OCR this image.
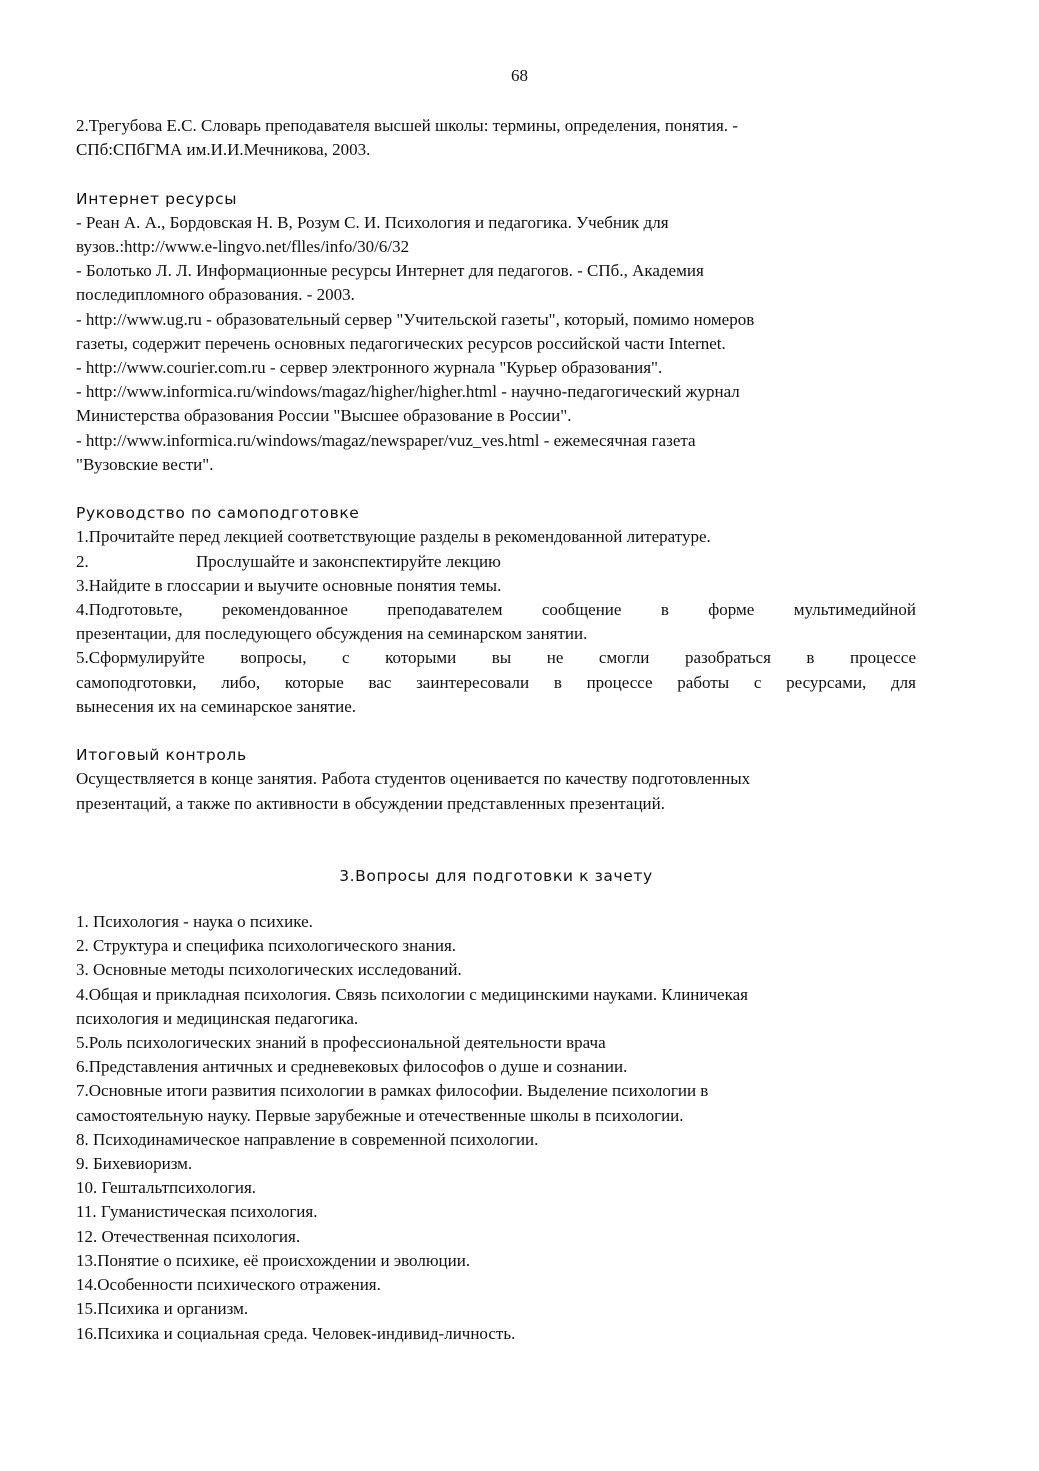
68
2.Трегубова Е.С. Словарь преподавателя высшей школы: термины, определения, понятия. -
СПб:СПбГМА им.И.И.Мечникова, 2003.
Интернет ресурсы
- Реан А. А., Бордовская Н. В, Розум С. И. Психология и педагогика. Учебник для
вузов.:http://www.e-lingvo.net/flles/info/30/6/32
- Болотько Л. Л. Информационные ресурсы Интернет для педагогов. - СПб., Академия
последипломного образования. - 2003.
- http://www.ug.ru - образовательный сервер "Учительской газеты", который, помимо номеров
газеты, содержит перечень основных педагогических ресурсов российской части Internet.
- http://www.courier.com.ru - сервер электронного журнала "Курьер образования".
- http://www.informica.ru/windows/magaz/higher/higher.html - научно-педагогический журнал
Министерства образования России "Высшее образование в России".
- http://www.informica.ru/windows/magaz/newspaper/vuz_ves.html - ежемесячная газета
"Вузовские вести".
Руководство по самоподготовке
1.Прочитайте перед лекцией соответствующие разделы в рекомендованной литературе.
2.	Прослушайте и законспектируйте лекцию
3.Найдите в глоссарии и выучите основные понятия темы.
4.Подготовьте, рекомендованное преподавателем сообщение в форме мультимедийной
презентации, для последующего обсуждения на семинарском занятии.
5.Сформулируйте вопросы, с которыми вы не смогли разобраться в процессе
самоподготовки, либо, которые вас заинтересовали в процессе работы с ресурсами, для
вынесения их на семинарское занятие.
Итоговый контроль
Осуществляется в конце занятия. Работа студентов оценивается по качеству подготовленных
презентаций, а также по активности в обсуждении представленных презентаций.
3.Вопросы для подготовки к зачету
1. Психология - наука о психике.
2. Структура и специфика психологического знания.
3. Основные методы психологических исследований.
4.Общая и прикладная психология. Связь психологии с медицинскими науками. Клиничекая
психология и медицинская педагогика.
5.Роль психологических знаний в профессиональной деятельности врача
6.Представления античных и средневековых философов о душе и сознании.
7.Основные итоги развития психологии в рамках философии. Выделение психологии в
самостоятельную науку. Первые зарубежные и отечественные школы в психологии.
8. Психодинамическое направление в современной психологии.
9. Бихевиоризм.
10. Гештальтпсихология.
11. Гуманистическая психология.
12. Отечественная психология.
13.Понятие о психике, её происхождении и эволюции.
14.Особенности психического отражения.
15.Психика и организм.
16.Психика и социальная среда. Человек-индивид-личность.
